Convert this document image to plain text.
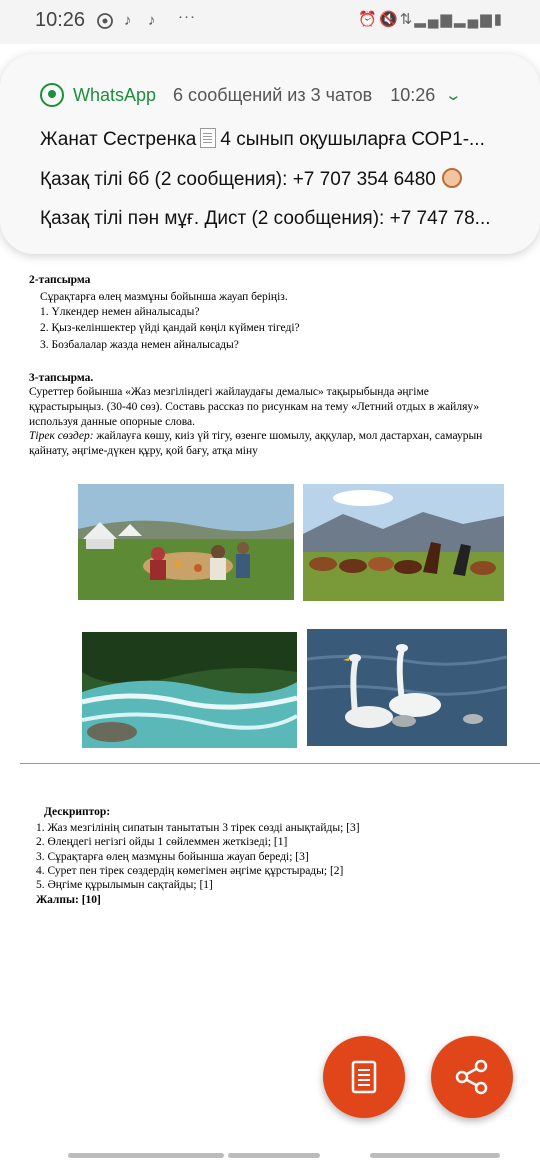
10:26	♪ ♪ ···	⏰🔇⇅▂▄▆▂▄▆▮
2-тапсырма
Сұрақтарға өлең мазмұны бойынша жауап беріңіз.
1. Үлкендер немен айналысады?
2. Қыз-келіншектер үйді қандай көңіл күймен тігеді?
3. Бозбалалар жазда немен айналысады?
3-тапсырма.
Суреттер бойынша «Жаз мезгіліндегі жайлаудағы демалыс» тақырыбында әңгіме
құрастырыңыз. (30-40 сөз). Составь рассказ по рисункам на тему «Летний отдых в жайляу»
используя данные опорные слова.
Тірек сөздер: жайлауға көшу, киіз үй тігу, өзенге шомылу, аққулар, мол дастархан, самаурын
қайнату, әңгіме-дүкен құру, қой бағу, атқа міну
Дескриптор:
1. Жаз мезгілінің сипатын танытатын 3 тірек сөзді анықтайды; [3]
2. Өлеңдегі негізгі ойды 1 сөйлеммен жеткізеді; [1]
3. Сұрақтарға өлең мазмұны бойынша жауап береді; [3]
4. Сурет пен тірек сөздердің көмегімен әңгіме құрстырады; [2]
5. Әңгіме құрылымын сақтайды; [1]
Жалпы: [10]
WhatsApp 6 сообщений из 3 чатов 10:26 ⌄
Жанат Сестренка 4 сынып оқушыларға СОР1-...
Қазақ тілі 6б (2 сообщения): +7 707 354 6480
Қазақ тілі пән мұғ. Дист (2 сообщения): +7 747 78...
